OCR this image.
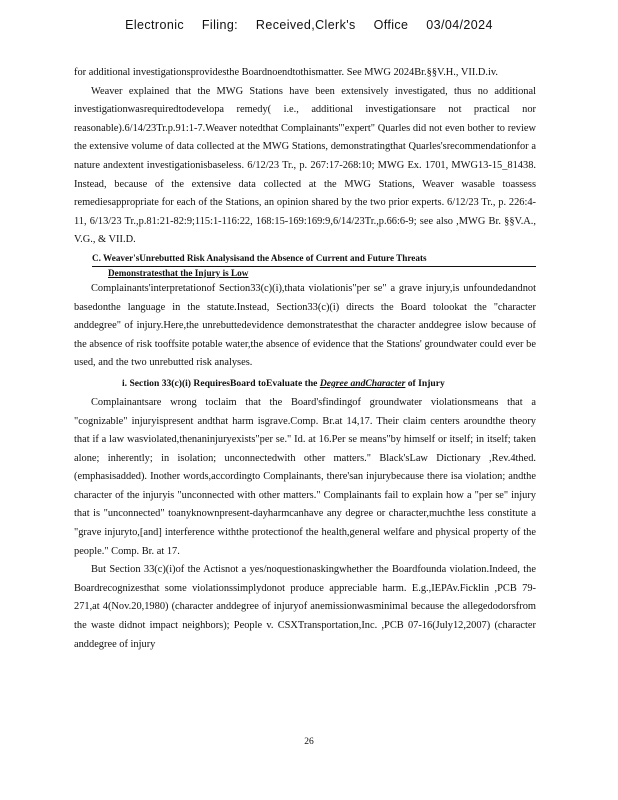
Electronic Filing: Received,Clerk's Office 03/04/2024

for additional investigationsprovidesthe Boardnoendtothismatter. See MWG 2024Br.§§V.H., VII.D.iv.

Weaver explained that the MWG Stations have been extensively investigated, thus no additional investigationwasrequiredtodevelopa remedy( i.e., additional investigationsare not practical nor reasonable).6/14/23Tr.p.91:1-7.Weaver notedthat Complainants'"expert" Quarles did not even bother to review the extensive volume of data collected at the MWG Stations, demonstratingthat Quarles'srecommendationfor a nature andextent investigationisbaseless. 6/12/23 Tr., p. 267:17-268:10; MWG Ex. 1701, MWG13-15_81438. Instead, because of the extensive data collected at the MWG Stations, Weaver wasable toassess remediesappropriate for each of the Stations, an opinion shared by the two prior experts. 6/12/23 Tr., p. 226:4-11, 6/13/23 Tr.,p.81:21-82:9;115:1-116:22, 168:15-169:169:9,6/14/23Tr.,p.66:6-9; see also ,MWG Br. §§V.A., V.G., & VII.D.

C. Weaver'sUnrebutted Risk Analysisand the Absence of Current and Future Threats
Demonstratesthat the Injury is Low

Complainants'interpretationof Section33(c)(i),thata violationis"per se" a grave injury,is unfoundedandnot basedonthe language in the statute.Instead, Section33(c)(i) directs the Board tolookat the "character anddegree" of injury.Here,the unrebuttedevidence demonstratesthat the character anddegree islow because of the absence of risk tooffsite potable water,the absence of evidence that the Stations' groundwater could ever be used, and the two unrebutted risk analyses.

i. Section 33(c)(i) RequiresBoard toEvaluate the Degree andCharacter of Injury

Complainantsare wrong toclaim that the Board'sfindingof groundwater violationsmeans that a "cognizable" injuryispresent andthat harm isgrave.Comp. Br.at 14,17. Their claim centers aroundthe theory that if a law wasviolated,thenaninjuryexists"per se." Id. at 16.Per se means"by himself or itself; in itself; taken alone; inherently; in isolation; unconnectedwith other matters." Black'sLaw Dictionary ,Rev.4thed.(emphasisadded). Inother words,accordingto Complainants, there'san injurybecause there isa violation; andthe character of the injuryis "unconnected with other matters." Complainants fail to explain how a "per se" injury that is "unconnected" toanyknownpresent-dayharmcanhave any degree or character,muchthe less constitute a "grave injuryto,[and] interference withthe protectionof the health,general welfare and physical property of the people." Comp. Br. at 17.

But Section 33(c)(i)of the Actisnot a yes/noquestionaskingwhether the Boardfounda violation.Indeed, the Boardrecognizesthat some violationssimplydonot produce appreciable harm. E.g.,IEPAv.Ficklin ,PCB 79-271,at 4(Nov.20,1980) (character anddegree of injuryof anemissionwasminimal because the allegedodorsfrom the waste didnot impact neighbors); People v. CSXTransportation,Inc. ,PCB 07-16(July12,2007) (character anddegree of injury

26
